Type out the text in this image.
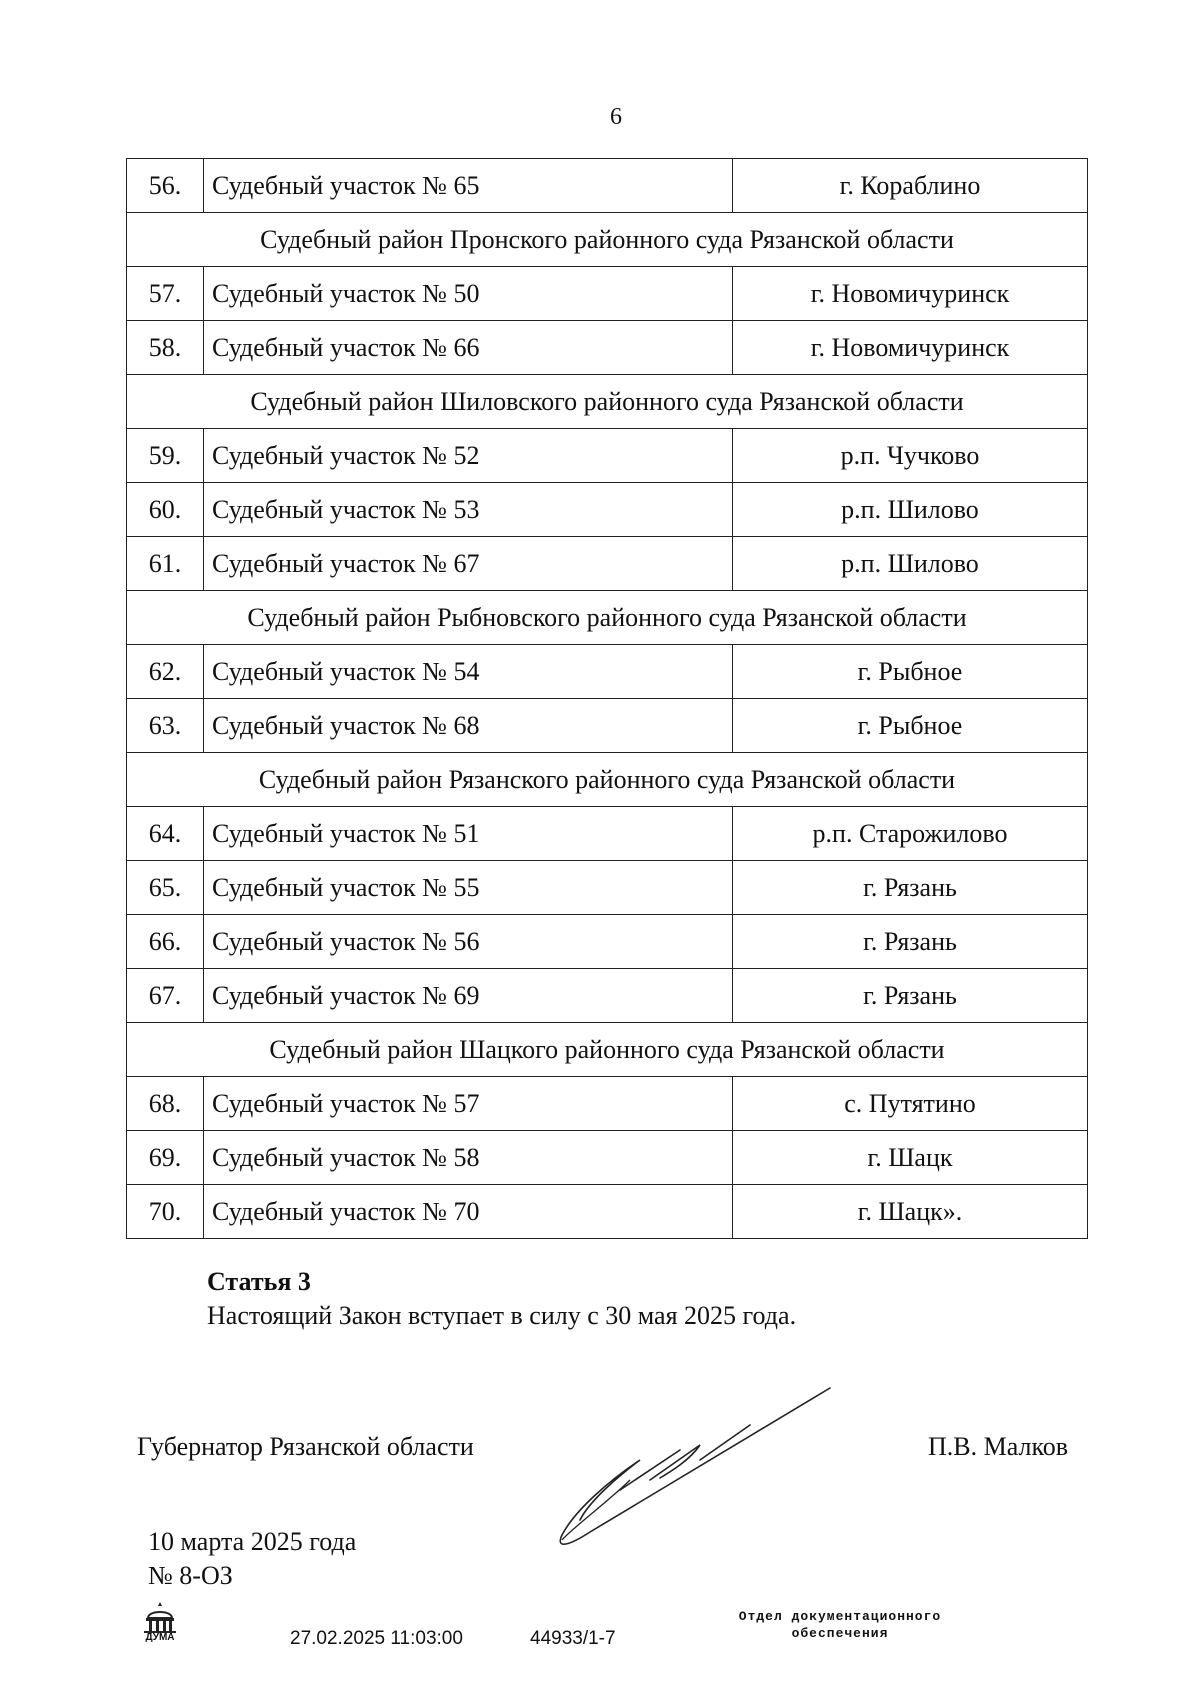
6
56.	Судебный участок № 65	г. Кораблино
Судебный район Пронского районного суда Рязанской области		
57.	Судебный участок № 50	г. Новомичуринск
58.	Судебный участок № 66	г. Новомичуринск
Судебный район Шиловского районного суда Рязанской области		
59.	Судебный участок № 52	р.п. Чучково
60.	Судебный участок № 53	р.п. Шилово
61.	Судебный участок № 67	р.п. Шилово
Судебный район Рыбновского районного суда Рязанской области		
62.	Судебный участок № 54	г. Рыбное
63.	Судебный участок № 68	г. Рыбное
Судебный район Рязанского районного суда Рязанской области		
64.	Судебный участок № 51	р.п. Старожилово
65.	Судебный участок № 55	г. Рязань
66.	Судебный участок № 56	г. Рязань
67.	Судебный участок № 69	г. Рязань
Судебный район Шацкого районного суда Рязанской области		
68.	Судебный участок № 57	с. Путятино
69.	Судебный участок № 58	г. Шацк
70.	Судебный участок № 70	г. Шацк».
Статья 3
Настоящий Закон вступает в силу с 30 мая 2025 года.
Губернатор Рязанской области	П.В. Малков
10 марта 2025 года
№ 8-ОЗ
ДУМА	27.02.2025 11:03:00	44933/1-7
Отдел документационного
обеспечения
